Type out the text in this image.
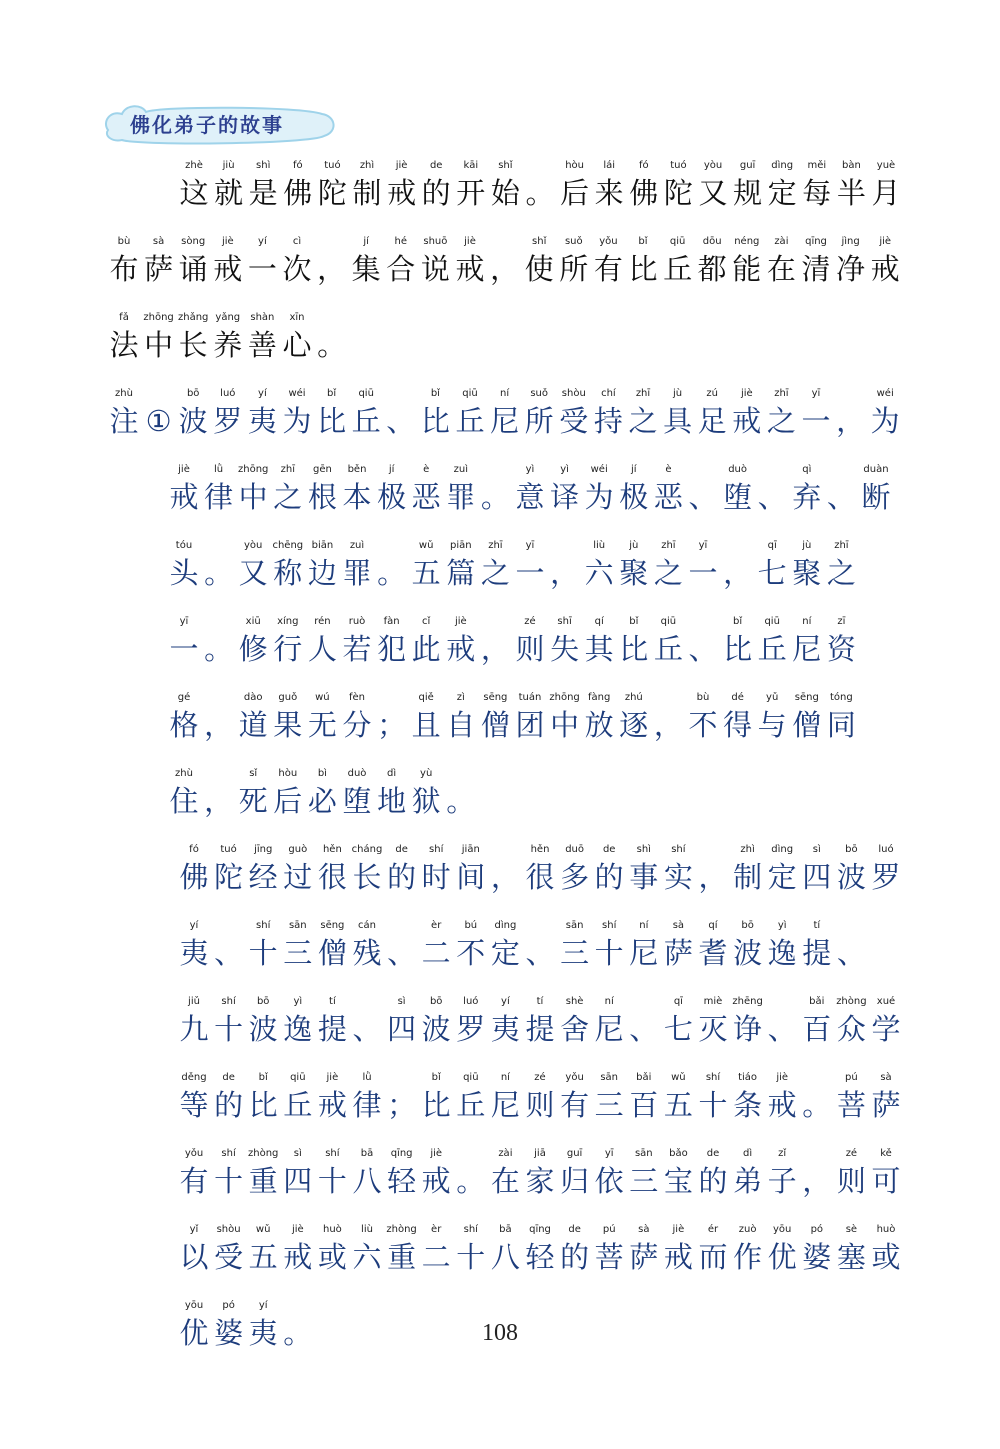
佛化弟子的故事
zhè
这
jiù
就
shì
是
fó
佛
tuó
陀
zhì
制
jiè
戒
de
的
kāi
开
shǐ
始 。
hòu
后
lái
来
fó
佛
tuó
陀
yòu
又
guī
规
dìng
定
měi
每
bàn
半
yuè
月
bù
布
sà
萨
sòng
诵
jiè
戒
yí
一
cì
次 ，
jí
集
hé
合
shuō
说
jiè
戒 ，
shǐ
使
suǒ
所
yǒu
有
bǐ
比
qiū
丘
dōu
都
néng
能
zài
在
qīng
清
jìng
净
jiè
戒
fǎ
法
zhōng
中
zhǎng
长
yǎng
养
shàn
善
xīn
心 。
zhù
注 ①
bō
波
luó
罗
yí
夷
wéi
为
bǐ
比
qiū
丘 、
bǐ
比
qiū
丘
ní
尼
suǒ
所
shòu
受
chí
持
zhī
之
jù
具
zú
足
jiè
戒
zhī
之
yī
一 ，
wéi
为
jiè
戒
lǜ
律
zhōng
中
zhī
之
gēn
根
běn
本
jí
极
è
恶
zuì
罪 。
yì
意
yì
译
wéi
为
jí
极
è
恶 、
duò
堕 、
qì
弃 、
duàn
断
tóu
头 。
yòu
又
chēng
称
biān
边
zuì
罪 。
wǔ
五
piān
篇
zhī
之
yī
一 ，
liù
六
jù
聚
zhī
之
yī
一 ，
qī
七
jù
聚
zhī
之
yī
一 。
xiū
修
xíng
行
rén
人
ruò
若
fàn
犯
cǐ
此
jiè
戒 ，
zé
则
shī
失
qí
其
bǐ
比
qiū
丘 、
bǐ
比
qiū
丘
ní
尼
zī
资
gé
格 ，
dào
道
guǒ
果
wú
无
fèn
分 ；
qiě
且
zì
自
sēng
僧
tuán
团
zhōng
中
fàng
放
zhú
逐 ，
bù
不
dé
得
yǔ
与
sēng
僧
tóng
同
zhù
住 ，
sǐ
死
hòu
后
bì
必
duò
堕
dì
地
yù
狱 。
fó
佛
tuó
陀
jīng
经
guò
过
hěn
很
cháng
长
de
的
shí
时
jiān
间 ，
hěn
很
duō
多
de
的
shì
事
shí
实 ，
zhì
制
dìng
定
sì
四
bō
波
luó
罗
yí
夷 、
shí
十
sān
三
sēng
僧
cán
残 、
èr
二
bú
不
dìng
定 、
sān
三
shí
十
ní
尼
sà
萨
qí
耆
bō
波
yì
逸
tí
提 、
jiǔ
九
shí
十
bō
波
yì
逸
tí
提 、
sì
四
bō
波
luó
罗
yí
夷
tí
提
shè
舍
ní
尼 、
qī
七
miè
灭
zhēng
诤 、
bǎi
百
zhòng
众
xué
学
děng
等
de
的
bǐ
比
qiū
丘
jiè
戒
lǜ
律 ；
bǐ
比
qiū
丘
ní
尼
zé
则
yǒu
有
sān
三
bǎi
百
wǔ
五
shí
十
tiáo
条
jiè
戒 。
pú
菩
sà
萨
yǒu
有
shí
十
zhòng
重
sì
四
shí
十
bā
八
qīng
轻
jiè
戒 。
zài
在
jiā
家
guī
归
yī
依
sān
三
bǎo
宝
de
的
dì
弟
zǐ
子 ，
zé
则
kě
可
yǐ
以
shòu
受
wǔ
五
jiè
戒
huò
或
liù
六
zhòng
重
èr
二
shí
十
bā
八
qīng
轻
de
的
pú
菩
sà
萨
jiè
戒
ér
而
zuò
作
yōu
优
pó
婆
sè
塞
huò
或
yōu
优
pó
婆
yí
夷 。	108
